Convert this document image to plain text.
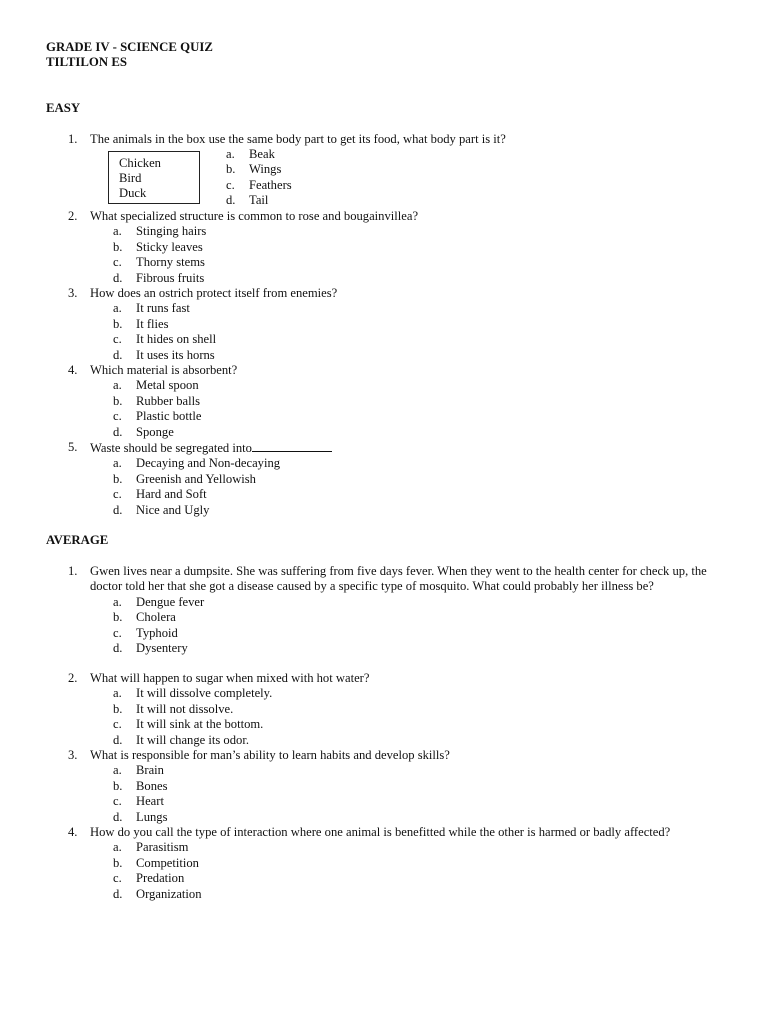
GRADE IV - SCIENCE QUIZ
TILTILON ES
EASY
1. The animals in the box use the same body part to get its food, what body part is it?
Chicken
Bird
Duck
a. Beak
b. Wings
c. Feathers
d. Tail
2. What specialized structure is common to rose and bougainvillea?
a. Stinging hairs
b. Sticky leaves
c. Thorny stems
d. Fibrous fruits
3. How does an ostrich protect itself from enemies?
a. It runs fast
b. It flies
c. It hides on shell
d. It uses its horns
4. Which material is absorbent?
a. Metal spoon
b. Rubber balls
c. Plastic bottle
d. Sponge
5. Waste should be segregated into
a. Decaying and Non-decaying
b. Greenish and Yellowish
c. Hard and Soft
d. Nice and Ugly
AVERAGE
1. Gwen lives near a dumpsite. She was suffering from five days fever. When they went to the health center for check up, the doctor told her that she got a disease caused by a specific type of mosquito. What could probably her illness be?
a. Dengue fever
b. Cholera
c. Typhoid
d. Dysentery
2. What will happen to sugar when mixed with hot water?
a. It will dissolve completely.
b. It will not dissolve.
c. It will sink at the bottom.
d. It will change its odor.
3. What is responsible for man’s ability to learn habits and develop skills?
a. Brain
b. Bones
c. Heart
d. Lungs
4. How do you call the type of interaction where one animal is benefitted while the other is harmed or badly affected?
a. Parasitism
b. Competition
c. Predation
d. Organization
